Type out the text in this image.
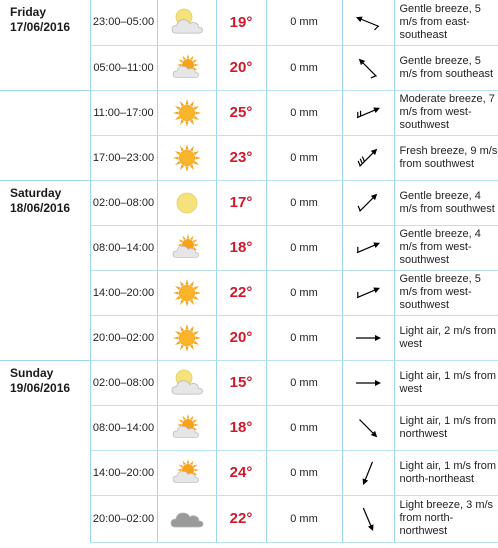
Friday
17/06/2016	23:00–05:00		19°	0 mm		Gentle breeze, 5 m/s from east-southeast
	05:00–11:00		20°	0 mm		Gentle breeze, 5 m/s from southeast

	11:00–17:00		25°	0 mm		Moderate breeze, 7 m/s from west-southwest
	17:00–23:00		23°	0 mm		Fresh breeze, 9 m/s from southwest

Saturday
18/06/2016	02:00–08:00		17°	0 mm		Gentle breeze, 4 m/s from southwest
	08:00–14:00		18°	0 mm		Gentle breeze, 4 m/s from west-southwest
	14:00–20:00		22°	0 mm		Gentle breeze, 5 m/s from west-southwest
	20:00–02:00		20°	0 mm		Light air, 2 m/s from west

Sunday
19/06/2016	02:00–08:00		15°	0 mm		Light air, 1 m/s from west
	08:00–14:00		18°	0 mm		Light air, 1 m/s from northwest
	14:00–20:00		24°	0 mm		Light air, 1 m/s from north-northeast
	20:00–02:00		22°	0 mm		Light breeze, 3 m/s from north-northwest
